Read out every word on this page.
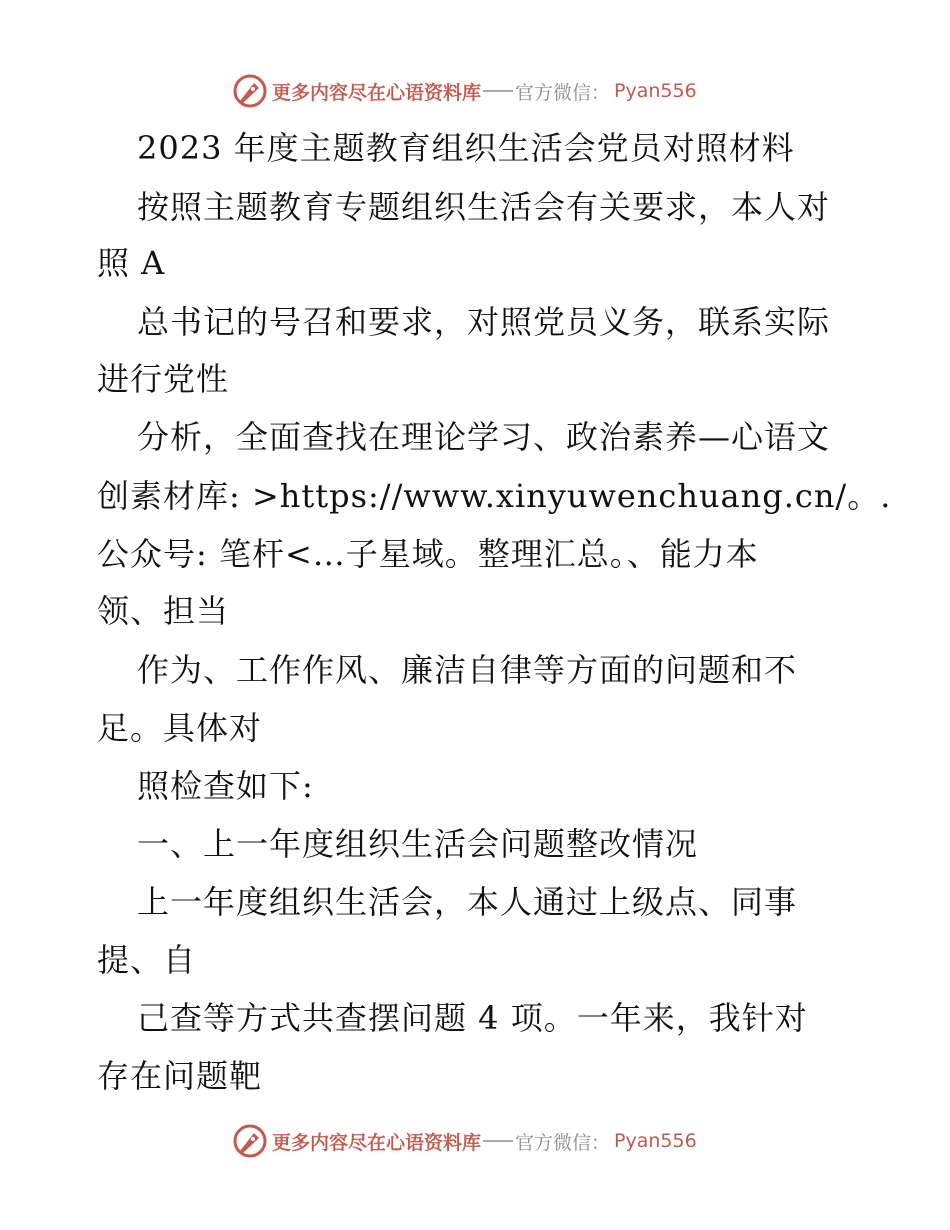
更多内容尽在心语资料库 官方微信： Pyan556
2023 年度主题教育组织生活会党员对照材料
按照主题教育专题组织生活会有关要求，本人对
照 A
总书记的号召和要求，对照党员义务，联系实际
进行党性
分析，全面查找在理论学习、政治素养—心语文
创素材库: >https://www.xinyuwenchuang.cn/。.
公众号: 笔杆<…子星域。整理汇总。、能力本
领、担当
作为、工作作风、廉洁自律等方面的问题和不
足。具体对
照检查如下:
一、上一年度组织生活会问题整改情况
上一年度组织生活会，本人通过上级点、同事
提、自
己查等方式共查摆问题 4 项。一年来，我针对
存在问题靶
更多内容尽在心语资料库 官方微信： Pyan556
